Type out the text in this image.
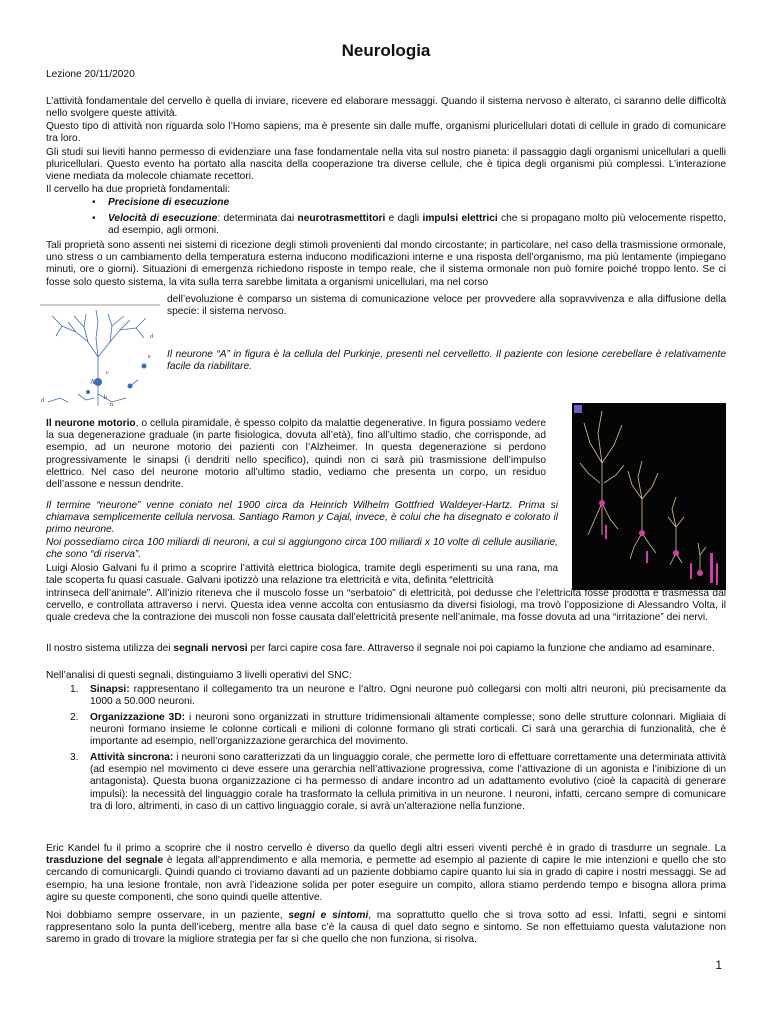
Neurologia
Lezione 20/11/2020

L’attività fondamentale del cervello è quella di inviare, ricevere ed elaborare messaggi. Quando il sistema nervoso è alterato, ci saranno delle difficoltà nello svolgere queste attività.

Questo tipo di attività non riguarda solo l’Homo sapiens, ma è presente sin dalle muffe, organismi pluricellulari dotati di cellule in grado di comunicare tra loro.

Gli studi sui lieviti hanno permesso di evidenziare una fase fondamentale nella vita sul nostro pianeta: il passaggio dagli organismi unicellulari a quelli pluricellulari. Questo evento ha portato alla nascita della cooperazione tra diverse cellule, che è tipica degli organismi più complessi. L’interazione viene mediata da molecole chiamate recettori.

Il cervello ha due proprietà fondamentali:

• Precisione di esecuzione

• Velocità di esecuzione: determinata dai neurotrasmettitori e dagli impulsi elettrici che si propagano molto più velocemente rispetto, ad esempio, agli ormoni.

Tali proprietà sono assenti nei sistemi di ricezione degli stimoli provenienti dal mondo circostante; in particolare, nel caso della trasmissione ormonale, uno stress o un cambiamento della temperatura esterna inducono modificazioni interne e una risposta dell’organismo, ma più lentamente (impiegano minuti, ore o giorni). Situazioni di emergenza richiedono risposte in tempo reale, che il sistema ormonale non può fornire poiché troppo lento. Se ci fosse solo questo sistema, la vita sulla terra sarebbe limitata a organismi unicellulari, ma nel corso

dell’evoluzione è comparso un sistema di comunicazione veloce per provvedere alla sopravvivenza e alla diffusione della specie: il sistema nervoso.

A
b
c
d
d
e
n

Il neurone “A” in figura è la cellula del Purkinje, presenti nel cervelletto. Il paziente con lesione cerebellare è relativamente facile da riabilitare.

Il neurone motorio, o cellula piramidale, è spesso colpito da malattie degenerative. In figura possiamo vedere la sua degenerazione graduale (in parte fisiologica, dovuta all’età), fino all’ultimo stadio, che corrisponde, ad esempio, ad un neurone motorio dei pazienti con l’Alzheimer. In questa degenerazione si perdono progressivamente le sinapsi (i dendriti nello specifico), quindi non ci sarà più trasmissione dell’impulso elettrico. Nel caso del neurone motorio all’ultimo stadio, vediamo che presenta un corpo, un residuo dell’assone e nessun dendrite.

Il termine “neurone” venne coniato nel 1900 circa da Heinrich Wilhelm Gottfried Waldeyer-Hartz. Prima si chiamava semplicemente cellula nervosa. Santiago Ramon y Cajal, invece, è colui che ha disegnato e colorato il primo neurone.

Noi possediamo circa 100 miliardi di neuroni, a cui si aggiungono circa 100 miliardi x 10 volte di cellule ausiliarie, che sono “di riserva”.

Luigi Alosio Galvani fu il primo a scoprire l’attività elettrica biologica, tramite degli esperimenti su una rana, ma tale scoperta fu quasi casuale. Galvani ipotizzò una relazione tra elettricità e vita, definita “elettricità

intrinseca dell’animale”. All’inizio riteneva che il muscolo fosse un “serbatoio” di elettricità, poi dedusse che l’elettricità fosse prodotta e trasmessa dal cervello, e controllata attraverso i nervi. Questa idea venne accolta con entusiasmo da diversi fisiologi, ma trovò l’opposizione di Alessandro Volta, il quale credeva che la contrazione dei muscoli non fosse causata dall’elettricità presente nell’animale, ma fosse dovuta ad una “irritazione” dei nervi.

Il nostro sistema utilizza dei segnali nervosi per farci capire cosa fare. Attraverso il segnale noi poi capiamo la funzione che andiamo ad esaminare.

Nell’analisi di questi segnali, distinguiamo 3 livelli operativi del SNC:

1. Sinapsi: rappresentano il collegamento tra un neurone e l’altro. Ogni neurone può collegarsi con molti altri neuroni, più precisamente da 1000 a 50.000 neuroni.

2. Organizzazione 3D: i neuroni sono organizzati in strutture tridimensionali altamente complesse; sono delle strutture colonnari. Migliaia di neuroni formano insieme le colonne corticali e milioni di colonne formano gli strati corticali. Ci sarà una gerarchia di funzionalità, che è importante ad esempio, nell’organizzazione gerarchica del movimento.

3. Attività sincrona: i neuroni sono caratterizzati da un linguaggio corale, che permette loro di effettuare correttamente una determinata attività (ad esempio nel movimento ci deve essere una gerarchia nell’attivazione progressiva, come l’attivazione di un agonista e l’inibizione di un antagonista). Questa buona organizzazione ci ha permesso di andare incontro ad un adattamento evolutivo (cioè la capacità di generare impulsi): la necessità del linguaggio corale ha trasformato la cellula primitiva in un neurone. I neuroni, infatti, cercano sempre di comunicare tra di loro, altrimenti, in caso di un cattivo linguaggio corale, si avrà un’alterazione nella funzione.

Eric Kandel fu il primo a scoprire che il nostro cervello è diverso da quello degli altri esseri viventi perché è in grado di trasdurre un segnale. La trasduzione del segnale è legata all’apprendimento e alla memoria, e permette ad esempio al paziente di capire le mie intenzioni e quello che sto cercando di comunicargli. Quindi quando ci troviamo davanti ad un paziente dobbiamo capire quanto lui sia in grado di capire i nostri messaggi. Se ad esempio, ha una lesione frontale, non avrà l’ideazione solida per poter eseguire un compito, allora stiamo perdendo tempo e bisogna allora prima agire su queste componenti, che sono quindi quelle attentive.

Noi dobbiamo sempre osservare, in un paziente, segni e sintomi, ma soprattutto quello che si trova sotto ad essi. Infatti, segni e sintomi rappresentano solo la punta dell’iceberg, mentre alla base c’è la causa di quel dato segno e sintomo. Se non effettuiamo questa valutazione non saremo in grado di trovare la migliore strategia per far sì che quello che non funziona, si risolva.

1
